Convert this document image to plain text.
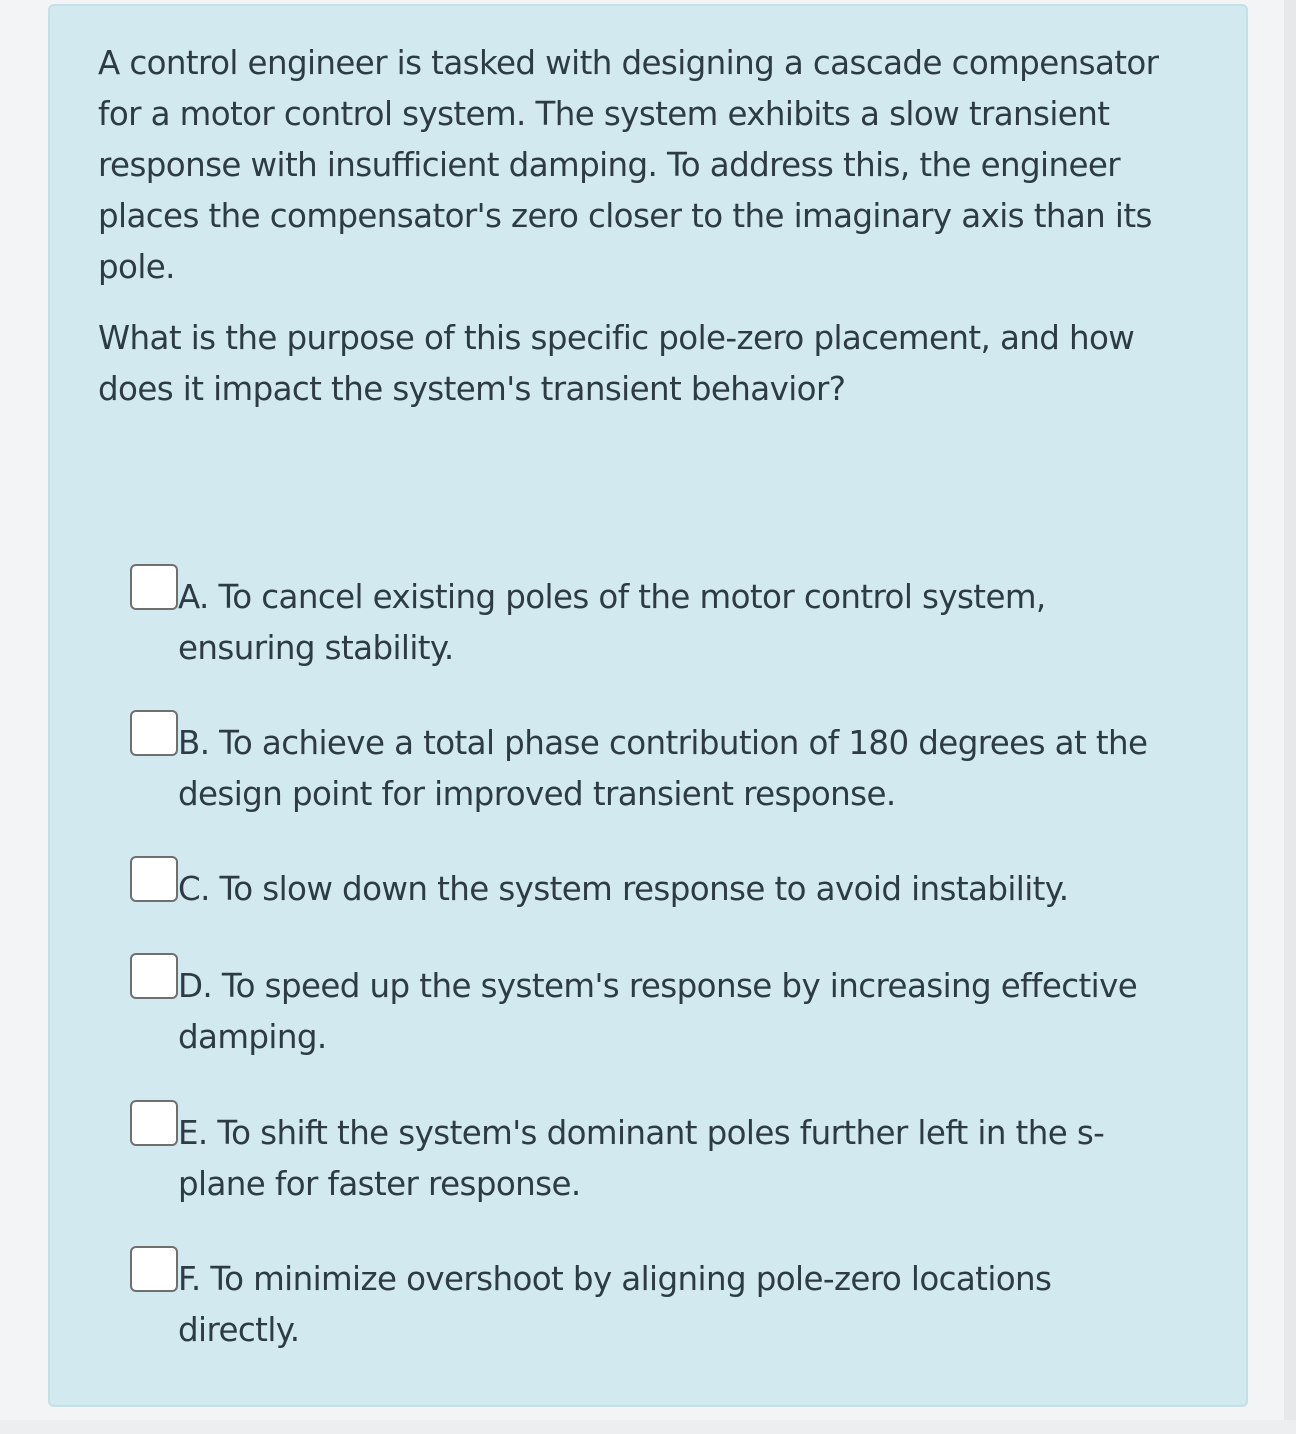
A control engineer is tasked with designing a cascade compensator for a motor control system. The system exhibits a slow transient response with insufficient damping. To address this, the engineer places the compensator's zero closer to the imaginary axis than its pole.

What is the purpose of this specific pole-zero placement, and how does it impact the system's transient behavior?

A. To cancel existing poles of the motor control system, ensuring stability.
B. To achieve a total phase contribution of 180 degrees at the design point for improved transient response.
C. To slow down the system response to avoid instability.
D. To speed up the system's response by increasing effective damping.
E. To shift the system's dominant poles further left in the s-plane for faster response.
F. To minimize overshoot by aligning pole-zero locations directly.
